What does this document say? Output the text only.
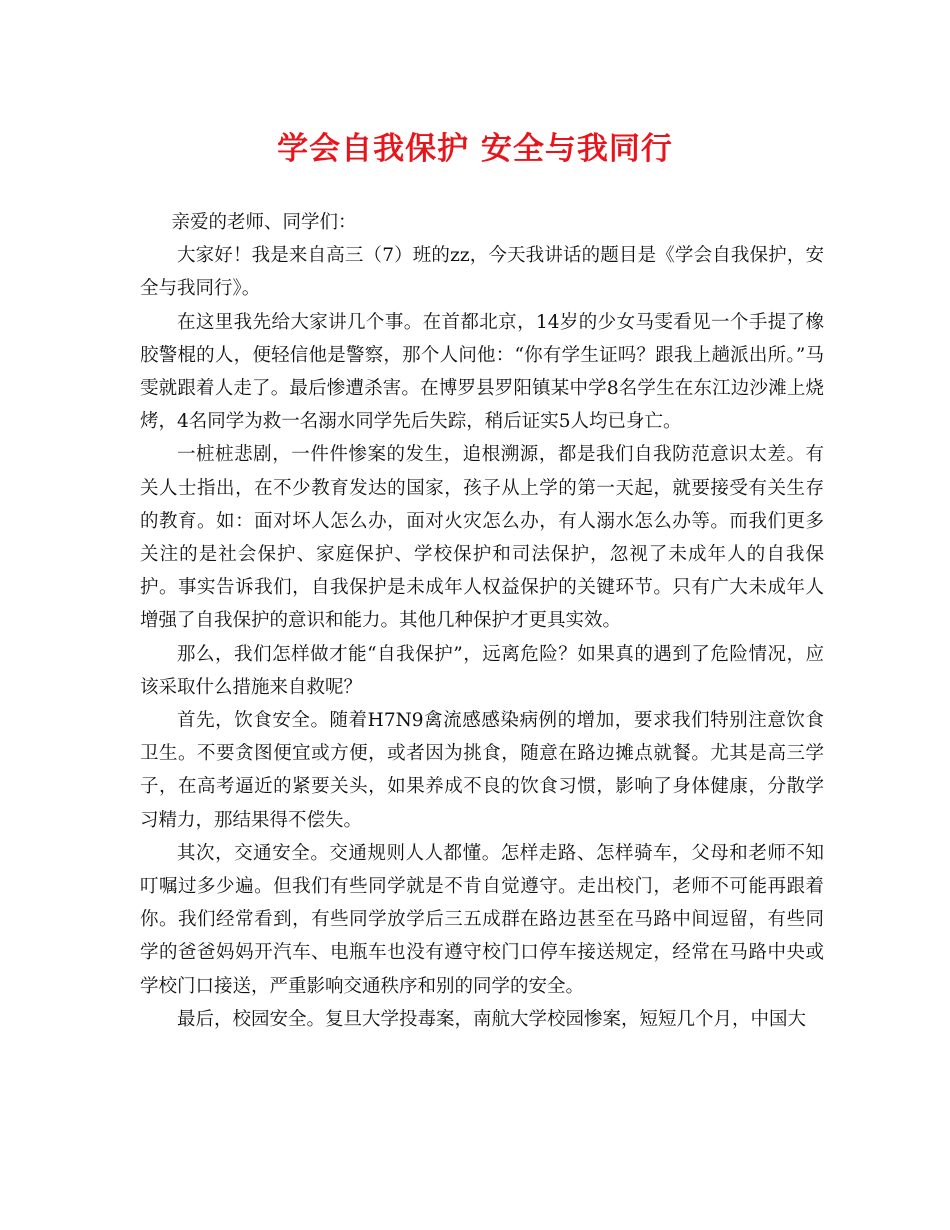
学会自我保护 安全与我同行

亲爱的老师、同学们：

大家好！我是来自高三（7）班的zz，今天我讲话的题目是《学会自我保护，安全与我同行》。

在这里我先给大家讲几个事。在首都北京，14岁的少女马雯看见一个手提了橡胶警棍的人，便轻信他是警察，那个人问他：“你有学生证吗？跟我上趟派出所。”马雯就跟着人走了。最后惨遭杀害。在博罗县罗阳镇某中学8名学生在东江边沙滩上烧烤，4名同学为救一名溺水同学先后失踪，稍后证实5人均已身亡。

一桩桩悲剧，一件件惨案的发生，追根溯源，都是我们自我防范意识太差。有关人士指出，在不少教育发达的国家，孩子从上学的第一天起，就要接受有关生存的教育。如：面对坏人怎么办，面对火灾怎么办，有人溺水怎么办等。而我们更多关注的是社会保护、家庭保护、学校保护和司法保护，忽视了未成年人的自我保护。事实告诉我们，自我保护是未成年人权益保护的关键环节。只有广大未成年人增强了自我保护的意识和能力。其他几种保护才更具实效。

那么，我们怎样做才能“自我保护”，远离危险？如果真的遇到了危险情况，应该采取什么措施来自救呢？

首先，饮食安全。随着H7N9禽流感感染病例的增加，要求我们特别注意饮食卫生。不要贪图便宜或方便，或者因为挑食，随意在路边摊点就餐。尤其是高三学子，在高考逼近的紧要关头，如果养成不良的饮食习惯，影响了身体健康，分散学习精力，那结果得不偿失。

其次，交通安全。交通规则人人都懂。怎样走路、怎样骑车，父母和老师不知叮嘱过多少遍。但我们有些同学就是不肯自觉遵守。走出校门，老师不可能再跟着你。我们经常看到，有些同学放学后三五成群在路边甚至在马路中间逗留，有些同学的爸爸妈妈开汽车、电瓶车也没有遵守校门口停车接送规定，经常在马路中央或学校门口接送，严重影响交通秩序和别的同学的安全。

最后，校园安全。复旦大学投毒案，南航大学校园惨案，短短几个月，中国大
